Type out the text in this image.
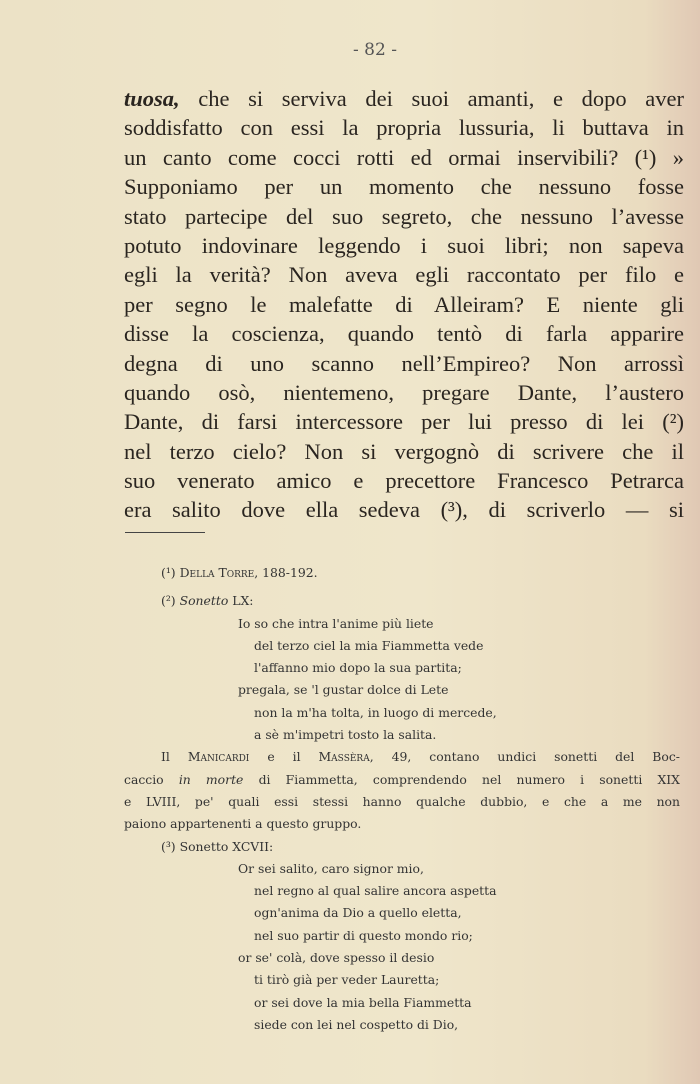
- 82 -
tuosa, che si serviva dei suoi amanti, e dopo aver
soddisfatto con essi la propria lussuria, li buttava in
un canto come cocci rotti ed ormai inservibili? (¹) »
Supponiamo per un momento che nessuno fosse
stato partecipe del suo segreto, che nessuno l’avesse
potuto indovinare leggendo i suoi libri; non sapeva
egli la verità? Non aveva egli raccontato per filo e
per segno le malefatte di Alleiram? E niente gli
disse la coscienza, quando tentò di farla apparire
degna di uno scanno nell’Empireo? Non arrossì
quando osò, nientemeno, pregare Dante, l’austero
Dante, di farsi intercessore per lui presso di lei (²)
nel terzo cielo? Non si vergognò di scrivere che il
suo venerato amico e precettore Francesco Petrarca
era salito dove ella sedeva (³), di scriverlo — si
(¹) Della Torre, 188-192.
(²) Sonetto LX:
Io so che intra l'anime più liete
del terzo ciel la mia Fiammetta vede
l'affanno mio dopo la sua partita;
pregala, se 'l gustar dolce di Lete
non la m'ha tolta, in luogo di mercede,
a sè m'impetri tosto la salita.
Il Manicardi e il Massèra, 49, contano undici sonetti del Boc-
caccio in morte di Fiammetta, comprendendo nel numero i sonetti XIX
e LVIII, pe' quali essi stessi hanno qualche dubbio, e che a me non
paiono appartenenti a questo gruppo.
(³) Sonetto XCVII:
Or sei salito, caro signor mio,
nel regno al qual salire ancora aspetta
ogn'anima da Dio a quello eletta,
nel suo partir di questo mondo rio;
or se' colà, dove spesso il desio
ti tirò già per veder Lauretta;
or sei dove la mia bella Fiammetta
siede con lei nel cospetto di Dio,
